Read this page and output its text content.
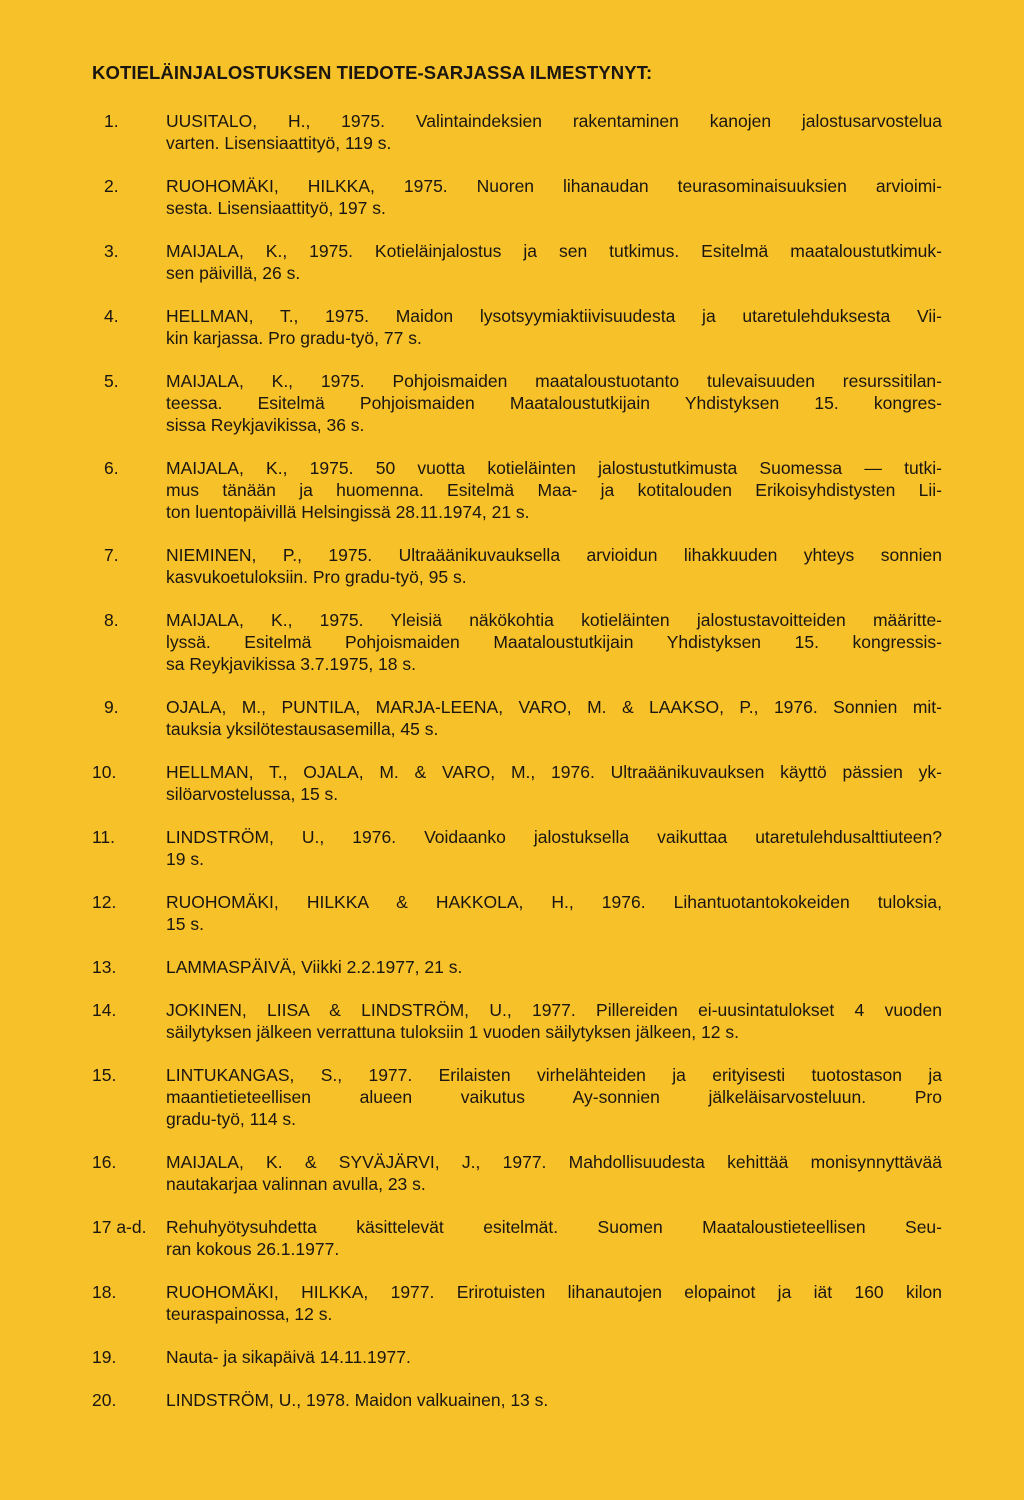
KOTIELÄINJALOSTUKSEN TIEDOTE-SARJASSA ILMESTYNYT:
1.	UUSITALO, H., 1975. Valintaindeksien rakentaminen kanojen jalostusarvostelua
varten. Lisensiaattityö, 119 s.
2.	RUOHOMÄKI, HILKKA, 1975. Nuoren lihanaudan teurasominaisuuksien arvioimi-
sesta. Lisensiaattityö, 197 s.
3.	MAIJALA, K., 1975. Kotieläinjalostus ja sen tutkimus. Esitelmä maataloustutkimuk-
sen päivillä, 26 s.
4.	HELLMAN, T., 1975. Maidon lysotsyymiaktiivisuudesta ja utaretulehduksesta Vii-
kin karjassa. Pro gradu-työ, 77 s.
5.	MAIJALA, K., 1975. Pohjoismaiden maataloustuotanto tulevaisuuden resurssitilan-
teessa. Esitelmä Pohjoismaiden Maataloustutkijain Yhdistyksen 15. kongres-
sissa Reykjavikissa, 36 s.
6.	MAIJALA, K., 1975. 50 vuotta kotieläinten jalostustutkimusta Suomessa — tutki-
mus tänään ja huomenna. Esitelmä Maa- ja kotitalouden Erikoisyhdistysten Lii-
ton luentopäivillä Helsingissä 28.11.1974, 21 s.
7.	NIEMINEN, P., 1975. Ultraäänikuvauksella arvioidun lihakkuuden yhteys sonnien
kasvukoetuloksiin. Pro gradu-työ, 95 s.
8.	MAIJALA, K., 1975. Yleisiä näkökohtia kotieläinten jalostustavoitteiden määritte-
lyssä. Esitelmä Pohjoismaiden Maataloustutkijain Yhdistyksen 15. kongressis-
sa Reykjavikissa 3.7.1975, 18 s.
9.	OJALA, M., PUNTILA, MARJA-LEENA, VARO, M. & LAAKSO, P., 1976. Sonnien mit-
tauksia yksilötestausasemilla, 45 s.
10.	HELLMAN, T., OJALA, M. & VARO, M., 1976. Ultraäänikuvauksen käyttö pässien yk-
silöarvostelussa, 15 s.
11.	LINDSTRÖM, U., 1976. Voidaanko jalostuksella vaikuttaa utaretulehdusalttiuteen?
19 s.
12.	RUOHOMÄKI, HILKKA & HAKKOLA, H., 1976. Lihantuotantokokeiden tuloksia,
15 s.
13.	LAMMASPÄIVÄ, Viikki 2.2.1977, 21 s.
14.	JOKINEN, LIISA & LINDSTRÖM, U., 1977. Pillereiden ei-uusintatulokset 4 vuoden
säilytyksen jälkeen verrattuna tuloksiin 1 vuoden säilytyksen jälkeen, 12 s.
15.	LINTUKANGAS, S., 1977. Erilaisten virhelähteiden ja erityisesti tuotostason ja
maantietieteellisen alueen vaikutus Ay-sonnien jälkeläisarvosteluun. Pro
gradu-työ, 114 s.
16.	MAIJALA, K. & SYVÄJÄRVI, J., 1977. Mahdollisuudesta kehittää monisynnyttävää
nautakarjaa valinnan avulla, 23 s.
17 a-d.	Rehuhyötysuhdetta käsittelevät esitelmät. Suomen Maataloustieteellisen Seu-
ran kokous 26.1.1977.
18.	RUOHOMÄKI, HILKKA, 1977. Erirotuisten lihanautojen elopainot ja iät 160 kilon
teuraspainossa, 12 s.
19.	Nauta- ja sikapäivä 14.11.1977.
20.	LINDSTRÖM, U., 1978. Maidon valkuainen, 13 s.
